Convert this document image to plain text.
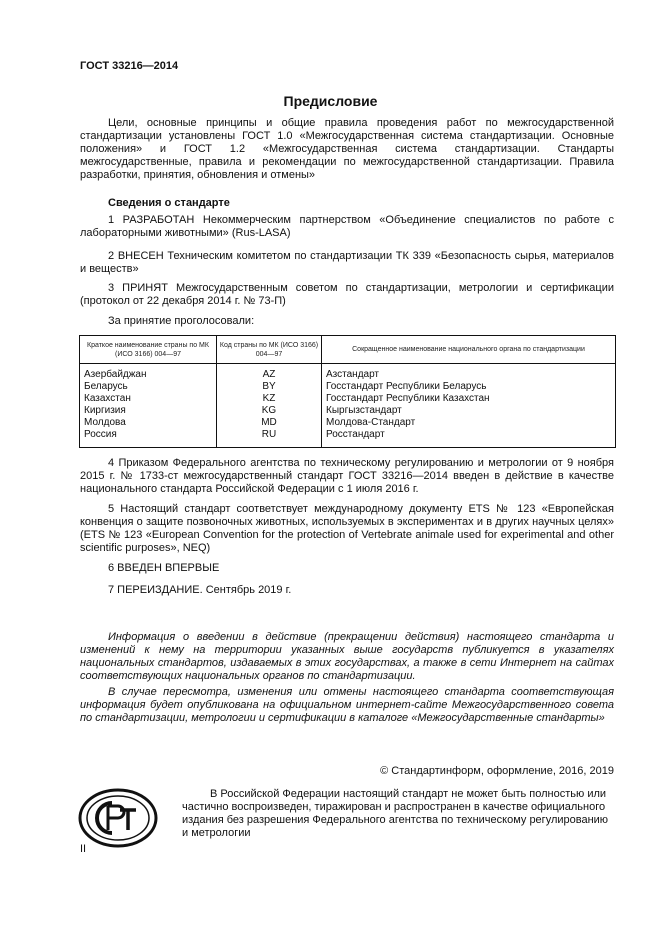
ГОСТ 33216—2014
Предисловие
Цели, основные принципы и общие правила проведения работ по межгосударственной стандартизации установлены ГОСТ 1.0 «Межгосударственная система стандартизации. Основные положения» и ГОСТ 1.2 «Межгосударственная система стандартизации. Стандарты межгосударственные, правила и рекомендации по межгосударственной стандартизации. Правила разработки, принятия, обновления и отмены»
Сведения о стандарте
1 РАЗРАБОТАН Некоммерческим партнерством «Объединение специалистов по работе с лабораторными животными» (Rus-LASA)
2 ВНЕСЕН Техническим комитетом по стандартизации ТК 339 «Безопасность сырья, материалов и веществ»
3 ПРИНЯТ Межгосударственным советом по стандартизации, метрологии и сертификации (протокол от 22 декабря 2014 г. № 73-П)
За принятие проголосовали:
Краткое наименование страны по МК (ИСО 3166) 004—97	Код страны по МК (ИСО 3166) 004—97	Сокращенное наименование национального органа по стандартизации
Азербайджан	AZ	Азстандарт
Беларусь	BY	Госстандарт Республики Беларусь
Казахстан	KZ	Госстандарт Республики Казахстан
Киргизия	KG	Кыргызстандарт
Молдова	MD	Молдова-Стандарт
Россия	RU	Росстандарт
4 Приказом Федерального агентства по техническому регулированию и метрологии от 9 ноября 2015 г. № 1733-ст межгосударственный стандарт ГОСТ 33216—2014 введен в действие в качестве национального стандарта Российской Федерации с 1 июля 2016 г.
5 Настоящий стандарт соответствует международному документу ETS № 123 «Европейская конвенция о защите позвоночных животных, используемых в экспериментах и в других научных целях» (ETS № 123 «European Convention for the protection of Vertebrate animale used for experimental and other scientific purposes», NEQ)
6 ВВЕДЕН ВПЕРВЫЕ
7 ПЕРЕИЗДАНИЕ. Сентябрь 2019 г.
Информация о введении в действие (прекращении действия) настоящего стандарта и изменений к нему на территории указанных выше государств публикуется в указателях национальных стандартов, издаваемых в этих государствах, а также в сети Интернет на сайтах соответствующих национальных органов по стандартизации.
В случае пересмотра, изменения или отмены настоящего стандарта соответствующая информация будет опубликована на официальном интернет-сайте Межгосударственного совета по стандартизации, метрологии и сертификации в каталоге «Межгосударственные стандарты»
© Стандартинформ, оформление, 2016, 2019
В Российской Федерации настоящий стандарт не может быть полностью или частично воспроизведен, тиражирован и распространен в качестве официального издания без разрешения Федерального агентства по техническому регулированию и метрологии
II
